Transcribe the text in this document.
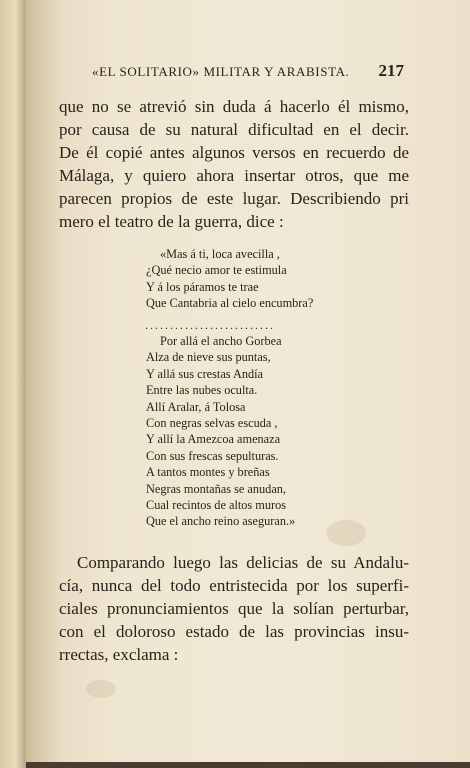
«EL SOLITARIO» MILITAR Y ARABISTA. 217
que no se atrevió sin duda á hacerlo él mismo,
por causa de su natural dificultad en el decir.
De él copié antes algunos versos en recuerdo de
Málaga, y quiero ahora insertar otros, que me
parecen propios de este lugar. Describiendo pri
mero el teatro de la guerra, dice :
«Mas á ti, loca avecilla ,
¿Qué necio amor te estimula
Y á los páramos te trae
Que Cantabria al cielo encumbra?
..........................
Por allá el ancho Gorbea
Alza de nieve sus puntas,
Y allá sus crestas Andía
Entre las nubes oculta.
Allí Aralar, á Tolosa
Con negras selvas escuda ,
Y allí la Amezcoa amenaza
Con sus frescas sepulturas.
A tantos montes y breñas
Negras montañas se anudan,
Cual recintos de altos muros
Que el ancho reino aseguran.»
Comparando luego las delicias de su Andalu-
cía, nunca del todo entristecida por los superfi-
ciales pronunciamientos que la solían perturbar,
con el doloroso estado de las provincias insu-
rrectas, exclama :
